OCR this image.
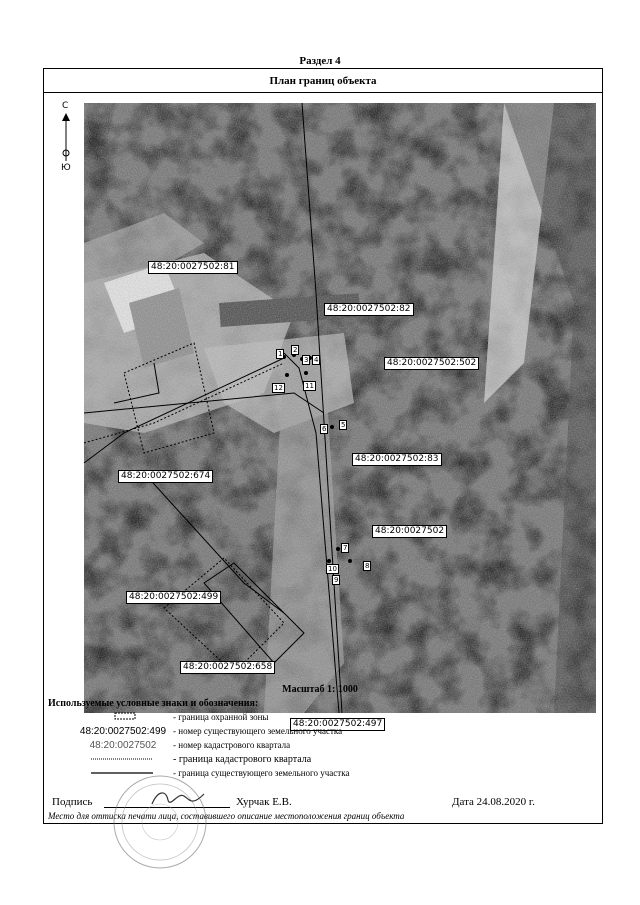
Раздел 4
План границ объекта
48:20:0027502:81
48:20:0027502:82
48:20:0027502:502
48:20:0027502:83
48:20:0027502
48:20:0027502:674
48:20:0027502:499
48:20:0027502:658
48:20:0027502:497
1 2
3 4
5
6
7
8
9
10
11
12
С
Ю
Масштаб 1: 1000
Используемые условные знаки и обозначения:
- граница охранной зоны
48:20:0027502:499 - номер существующего земельного участка
48:20:0027502	- номер кадастрового квартала
- граница кадастрового квартала
- граница существующего земельного участка
Подпись	Хурчак Е.В.	Дата 24.08.2020 г.
Место для оттиска печати лица, составившего описание местоположения границ объекта
